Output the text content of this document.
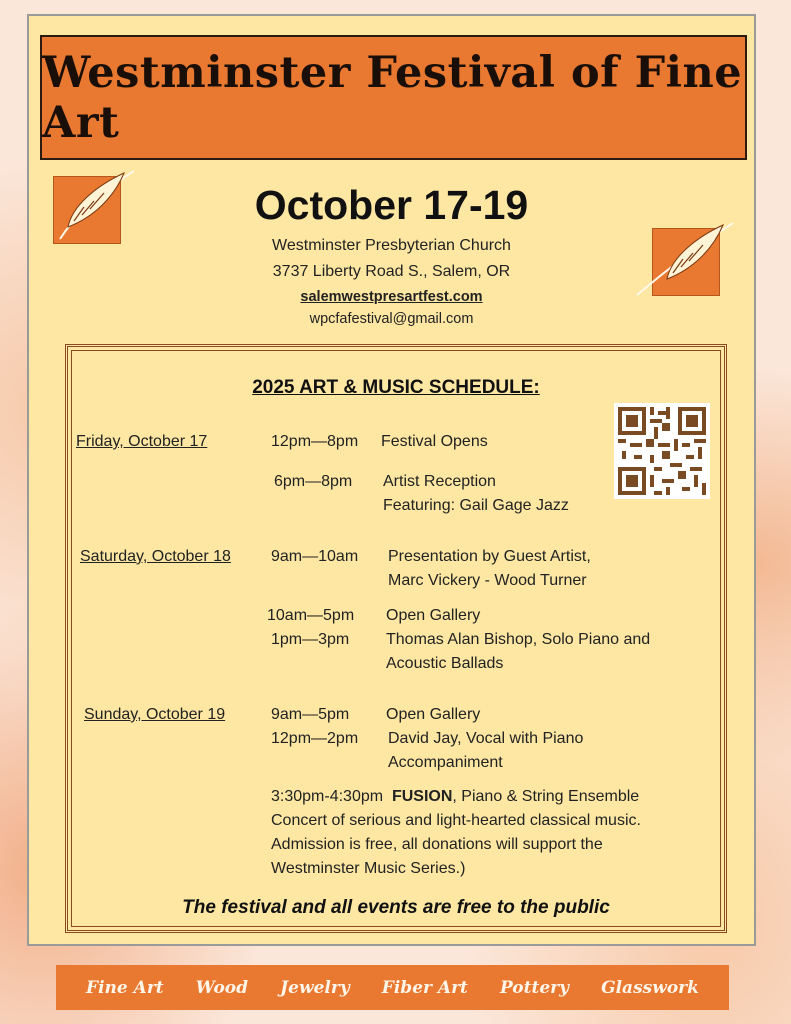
Westminster Festival of Fine Art
October 17-19
Westminster Presbyterian Church
3737 Liberty Road S., Salem, OR
salemwestpresartfest.com
wpcfafestival@gmail.com
2025 ART & MUSIC SCHEDULE:
Friday, October 17	12pm—8pm Festival Opens
6pm—8pm Artist Reception
Featuring: Gail Gage Jazz
Saturday, October 18	9am—10am Presentation by Guest Artist,
Marc Vickery - Wood Turner
10am—5pm Open Gallery
1pm—3pm Thomas Alan Bishop, Solo Piano and
Acoustic Ballads
Sunday, October 19	9am—5pm Open Gallery
12pm—2pm David Jay, Vocal with Piano
Accompaniment
3:30pm-4:30pm FUSION, Piano & String Ensemble
Concert of serious and light-hearted classical music.
Admission is free, all donations will support the
Westminster Music Series.)
The festival and all events are free to the public
Fine Art Wood Jewelry Fiber Art Pottery Glasswork
